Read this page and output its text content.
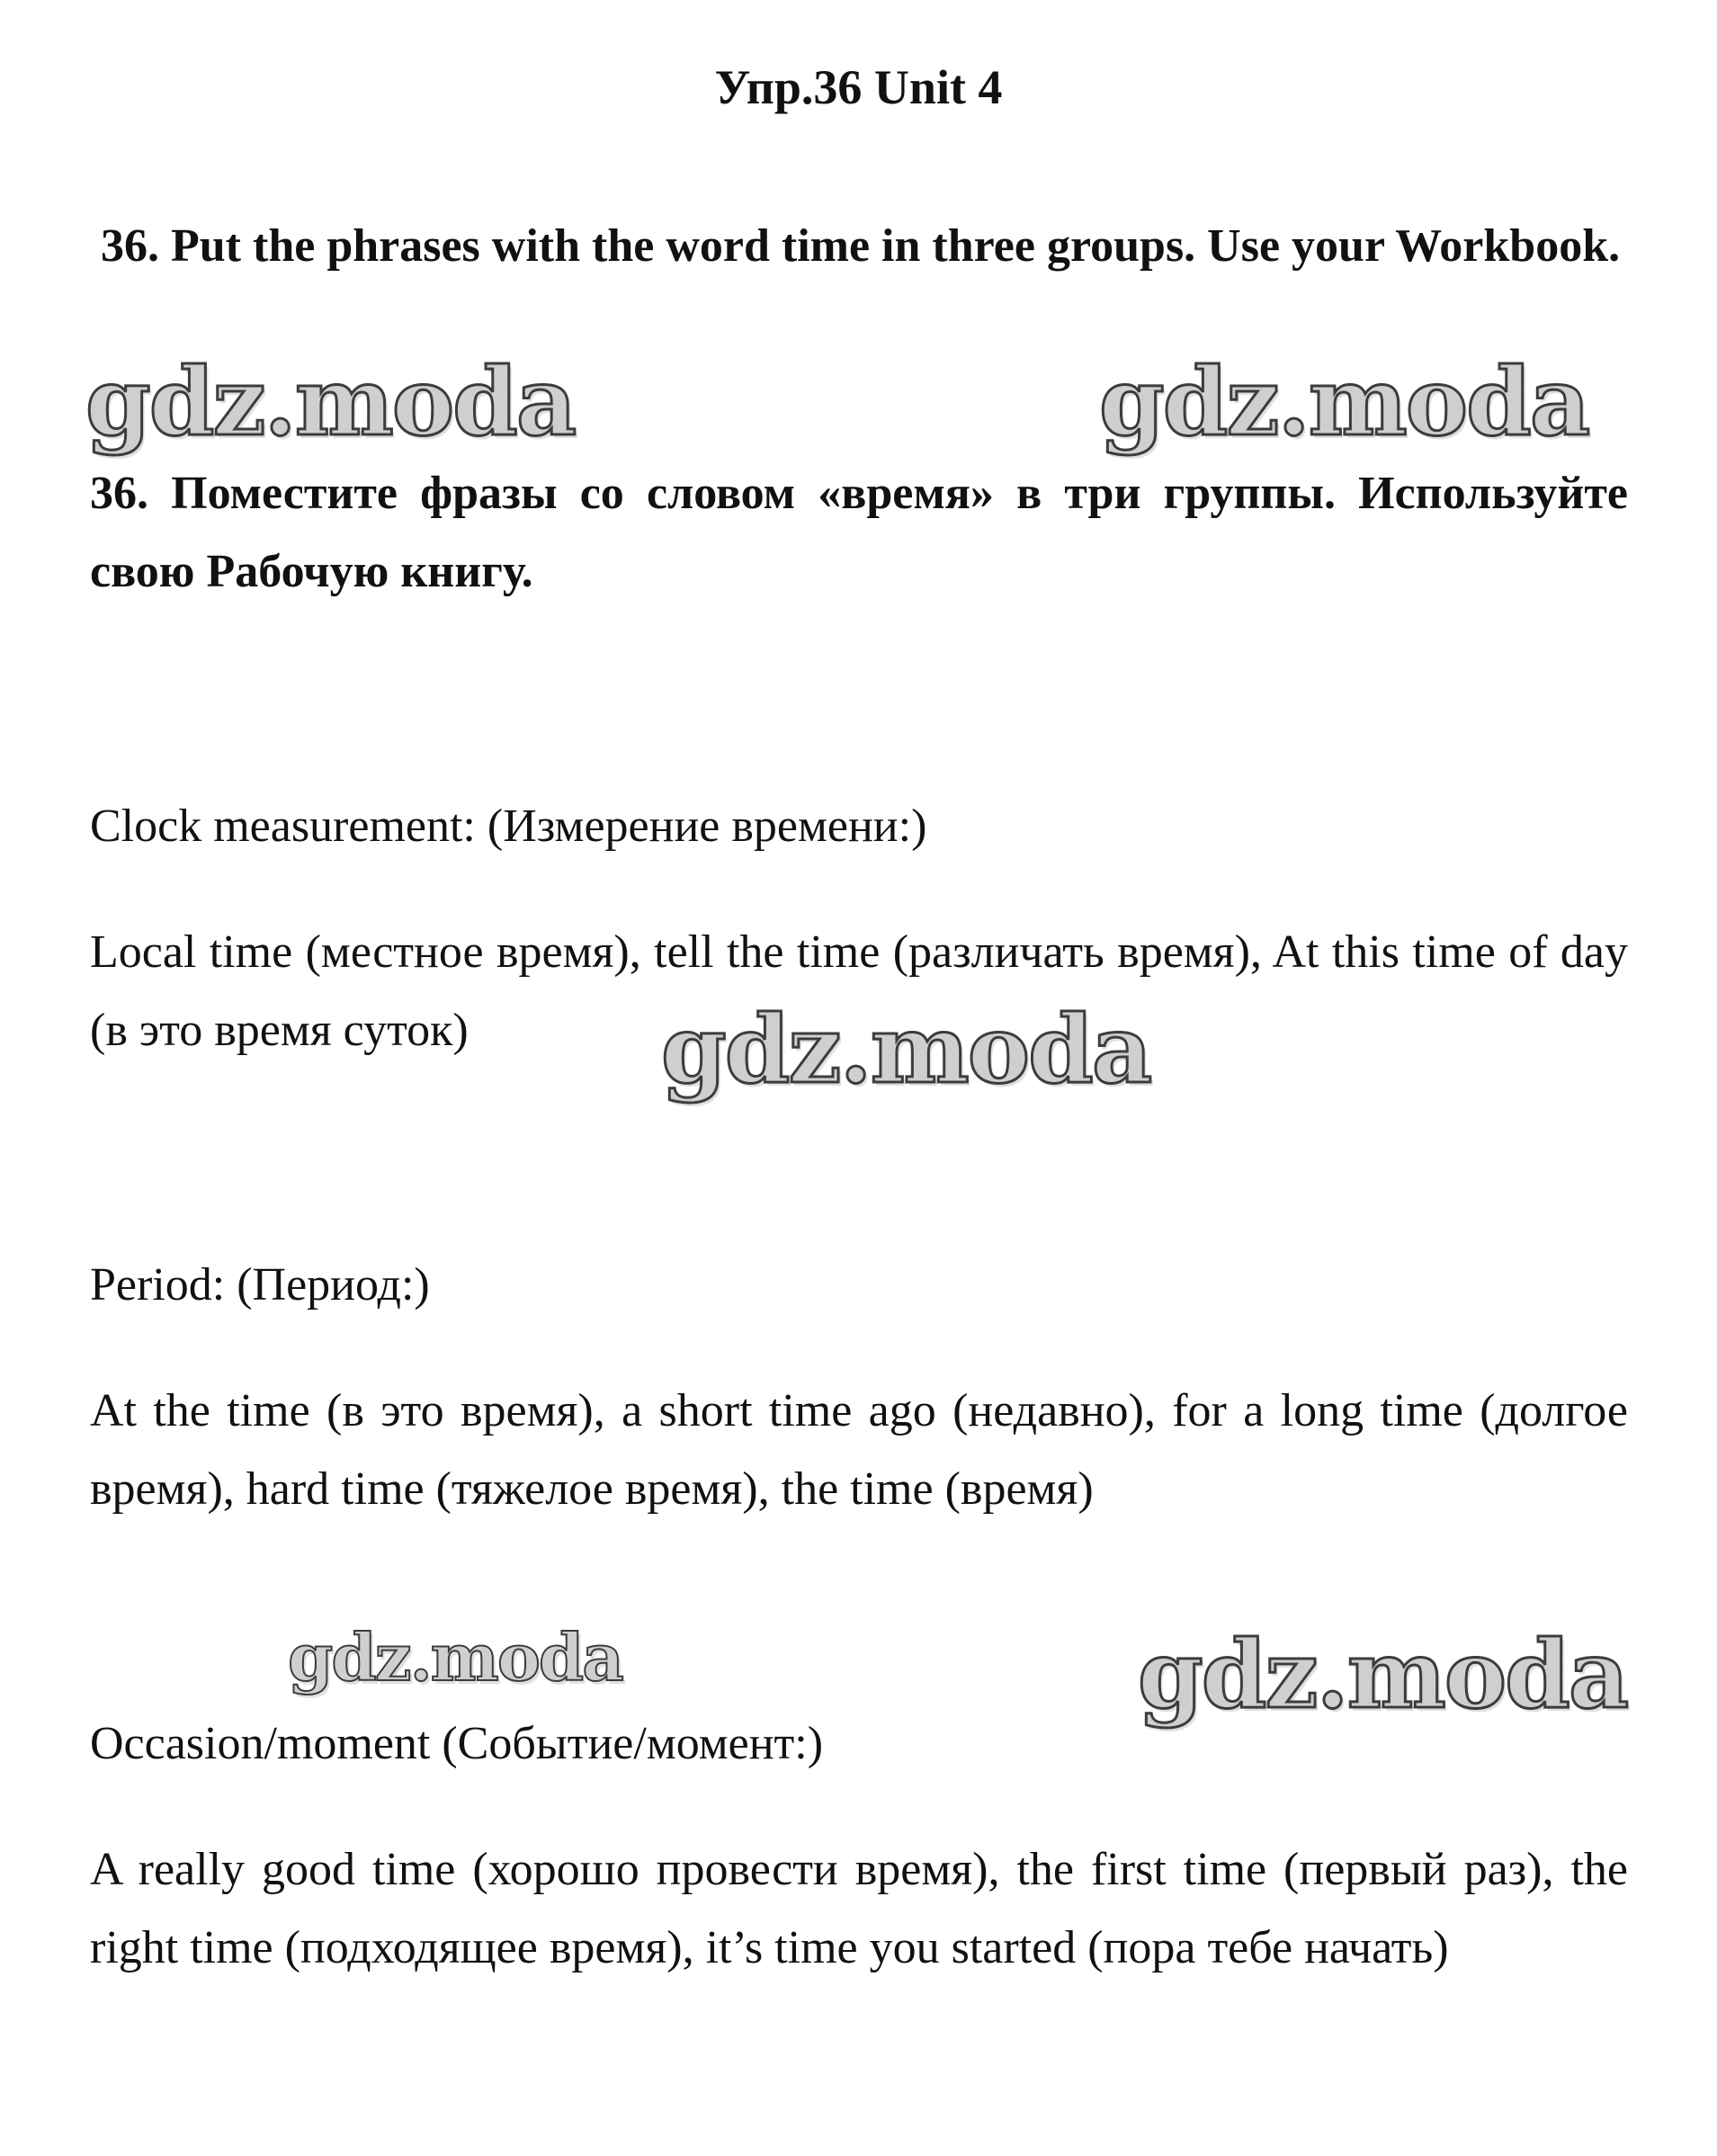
Упр.36 Unit 4
36. Put the phrases with the word time in three groups. Use your Workbook.
gdz.moda	gdz.moda
36. Поместите фразы со словом «время» в три группы. Используйте свою Рабочую книгу.
Clock measurement: (Измерение времени:)
Local time (местное время), tell the time (различать время), At this time of day (в это время суток)	gdz.moda
Period: (Период:)
At the time (в это время), a short time ago (недавно), for a long time (долгое время), hard time (тяжелое время), the time (время)
gdz.moda	gdz.moda
Occasion/moment (Событие/момент:)
A really good time (хорошо провести время), the first time (первый раз), the right time (подходящее время), it’s time you started (пора тебе начать)
